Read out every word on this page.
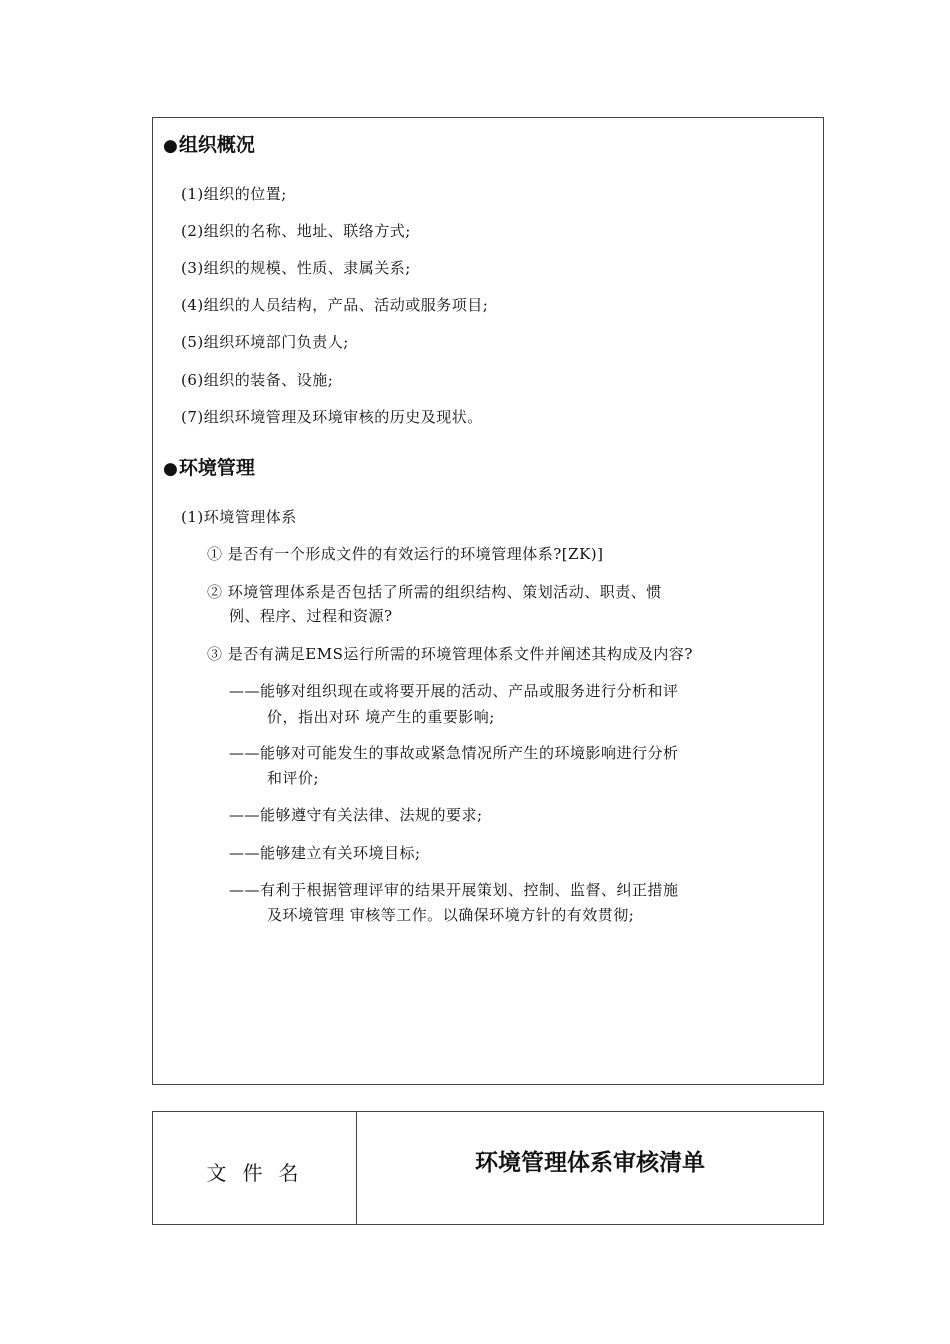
●组织概况
(1)组织的位置;
(2)组织的名称、地址、联络方式;
(3)组织的规模、性质、隶属关系;
(4)组织的人员结构，产品、活动或服务项目;
(5)组织环境部门负责人;
(6)组织的装备、设施;
(7)组织环境管理及环境审核的历史及现状。
●环境管理
(1)环境管理体系
① 是否有一个形成文件的有效运行的环境管理体系?[ZK)]
② 环境管理体系是否包括了所需的组织结构、策划活动、职责、惯
例、程序、过程和资源?
③ 是否有满足EMS运行所需的环境管理体系文件并阐述其构成及内容?
——能够对组织现在或将要开展的活动、产品或服务进行分析和评
价，指出对环 境产生的重要影响;
——能够对可能发生的事故或紧急情况所产生的环境影响进行分析
和评价;
——能够遵守有关法律、法规的要求;
——能够建立有关环境目标;
——有利于根据管理评审的结果开展策划、控制、监督、纠正措施
及环境管理 审核等工作。以确保环境方针的有效贯彻;
文件名	环境管理体系审核清单
